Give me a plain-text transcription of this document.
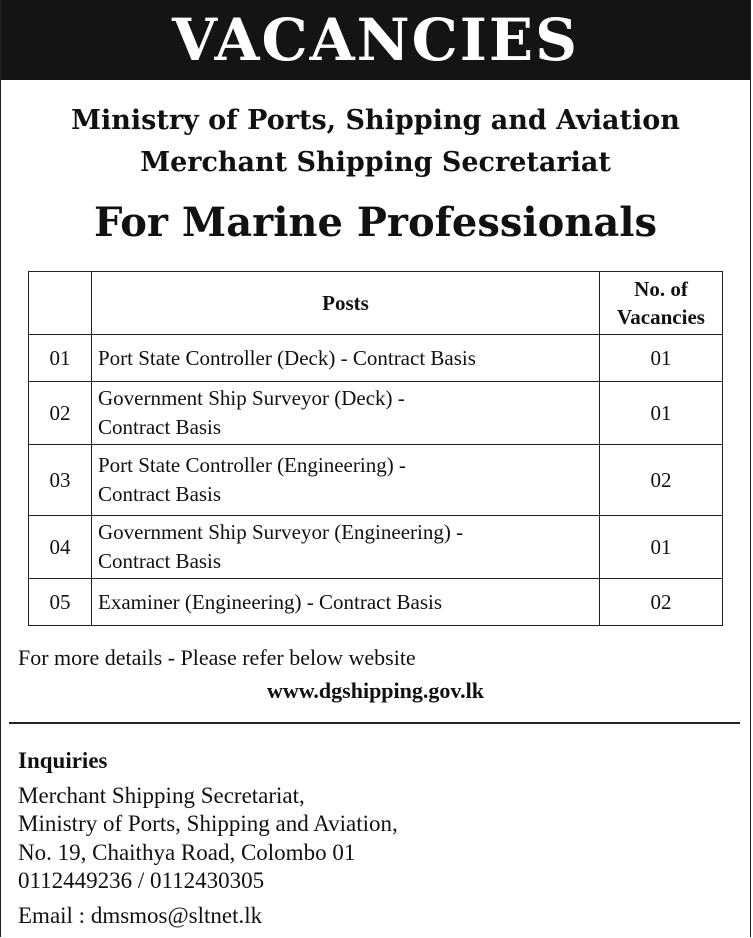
VACANCIES
Ministry of Ports, Shipping and Aviation
Merchant Shipping Secretariat
For Marine Professionals
	Posts	No. of Vacancies
01	Port State Controller (Deck) - Contract Basis	01
02	Government Ship Surveyor (Deck) -
Contract Basis	01
03	Port State Controller (Engineering) -
Contract Basis	02
04	Government Ship Surveyor (Engineering) -
Contract Basis	01
05	Examiner (Engineering) - Contract Basis	02
For more details - Please refer below website
www.dgshipping.gov.lk
Inquiries
Merchant Shipping Secretariat,
Ministry of Ports, Shipping and Aviation,
No. 19, Chaithya Road, Colombo 01
0112449236 / 0112430305
Email : dmsmos@sltnet.lk
